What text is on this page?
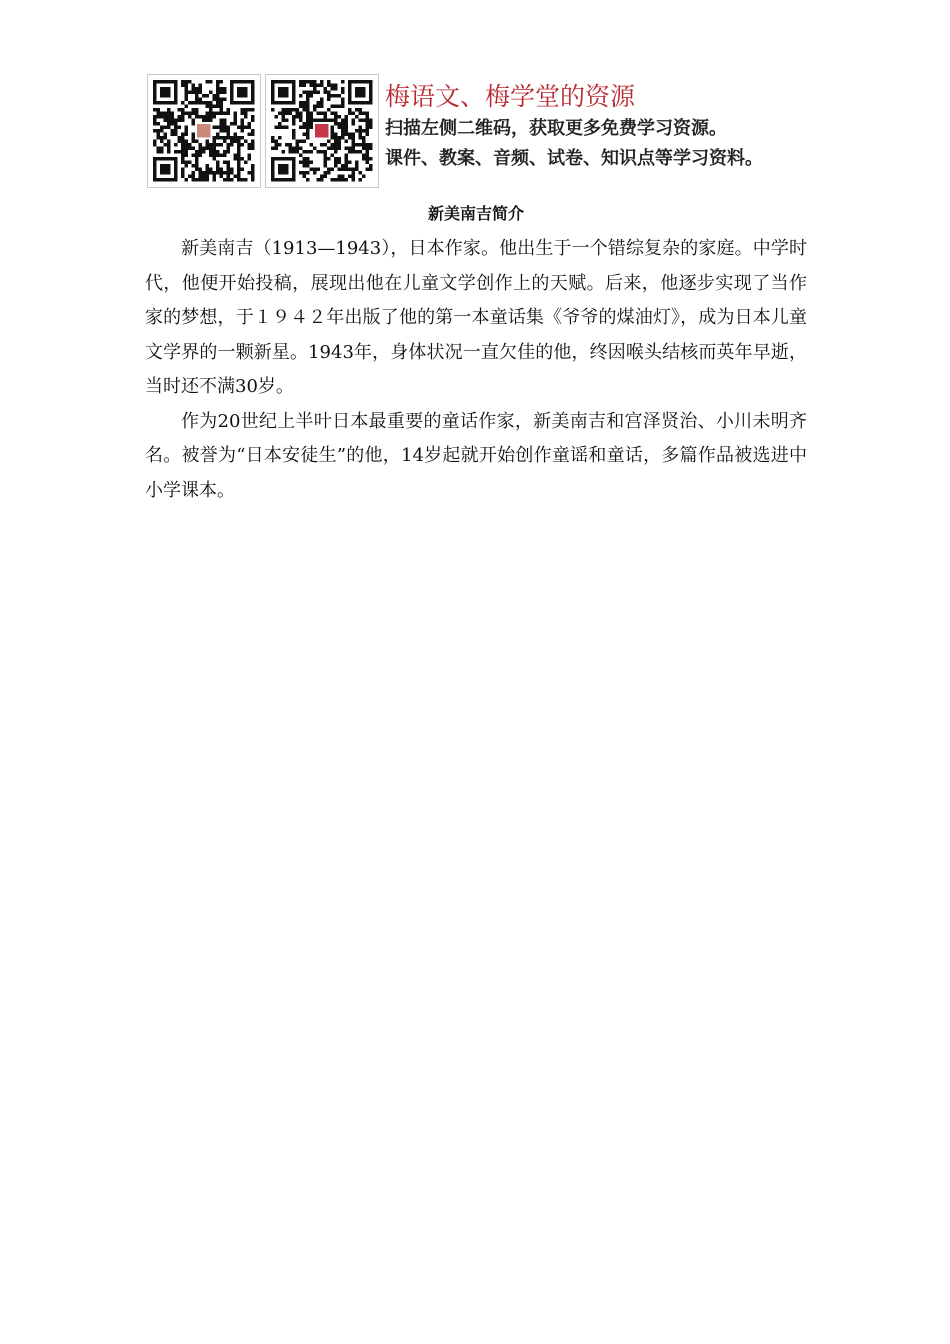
梅语文、梅学堂的资源
扫描左侧二维码，获取更多免费学习资源。
课件、教案、音频、试卷、知识点等学习资料。
新美南吉简介

新美南吉（1913—1943），日本作家。他出生于一个错综复杂的家庭。中学时代，他便开始投稿，展现出他在儿童文学创作上的天赋。后来，他逐步实现了当作家的梦想，于１９４２年出版了他的第一本童话集《爷爷的煤油灯》，成为日本儿童文学界的一颗新星。1943年，身体状况一直欠佳的他，终因喉头结核而英年早逝，当时还不满30岁。

作为20世纪上半叶日本最重要的童话作家，新美南吉和宫泽贤治、小川未明齐名。被誉为“日本安徒生”的他，14岁起就开始创作童谣和童话，多篇作品被选进中小学课本。
